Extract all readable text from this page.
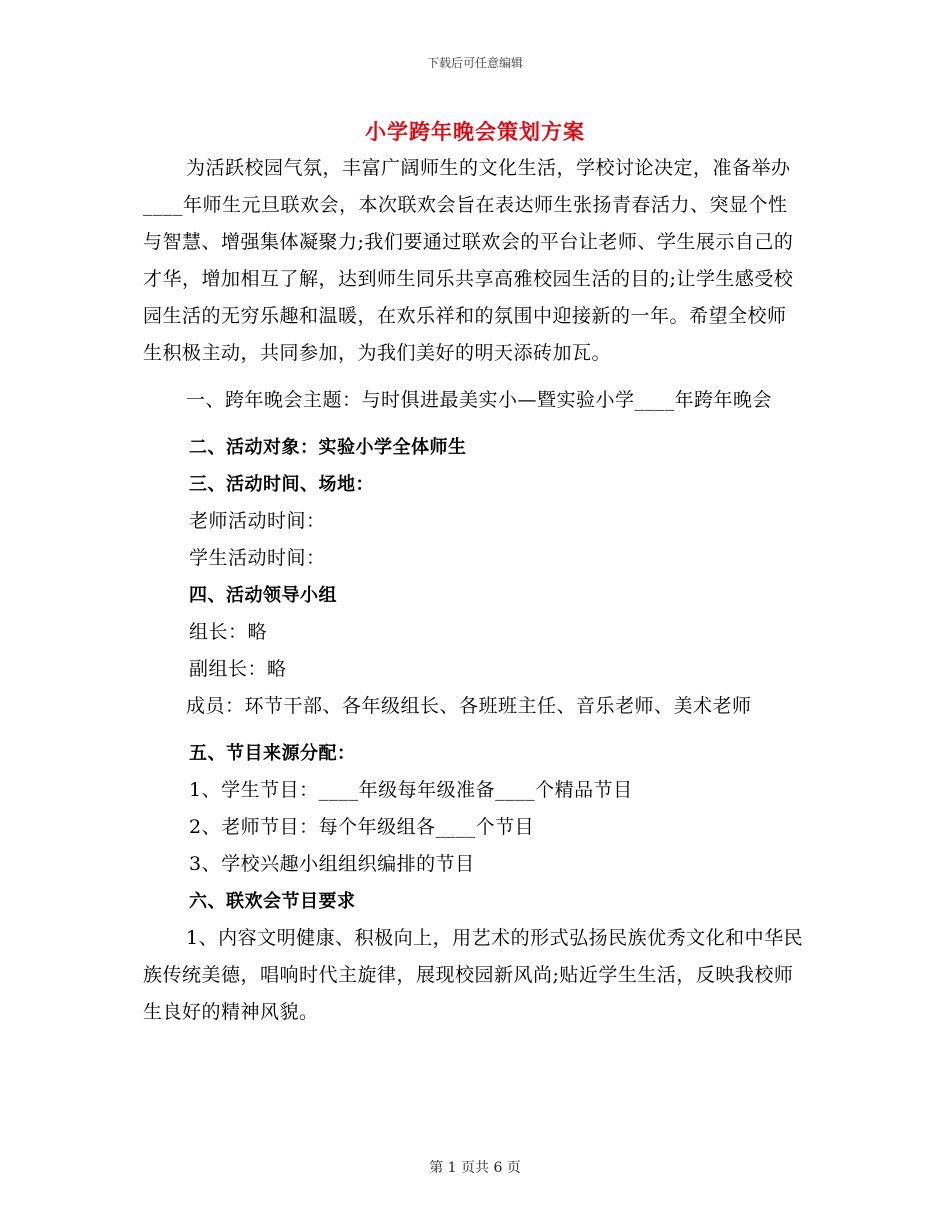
下载后可任意编辑
小学跨年晚会策划方案

为活跃校园气氛，丰富广阔师生的文化生活，学校讨论决定，准备举办____年师生元旦联欢会，本次联欢会旨在表达师生张扬青春活力、突显个性与智慧、增强集体凝聚力;我们要通过联欢会的平台让老师、学生展示自己的才华，增加相互了解，达到师生同乐共享高雅校园生活的目的;让学生感受校园生活的无穷乐趣和温暖，在欢乐祥和的氛围中迎接新的一年。希望全校师生积极主动，共同参加，为我们美好的明天添砖加瓦。

一、跨年晚会主题：与时俱进最美实小—暨实验小学____年跨年晚会

二、活动对象：实验小学全体师生

三、活动时间、场地：

老师活动时间：

学生活动时间：

四、活动领导小组

组长：略

副组长：略

成员：环节干部、各年级组长、各班班主任、音乐老师、美术老师

五、节目来源分配：

1、学生节目：____年级每年级准备____个精品节目

2、老师节目：每个年级组各____个节目

3、学校兴趣小组组织编排的节目

六、联欢会节目要求

1、内容文明健康、积极向上，用艺术的形式弘扬民族优秀文化和中华民族传统美德，唱响时代主旋律，展现校园新风尚;贴近学生生活，反映我校师生良好的精神风貌。

第 1 页共 6 页
